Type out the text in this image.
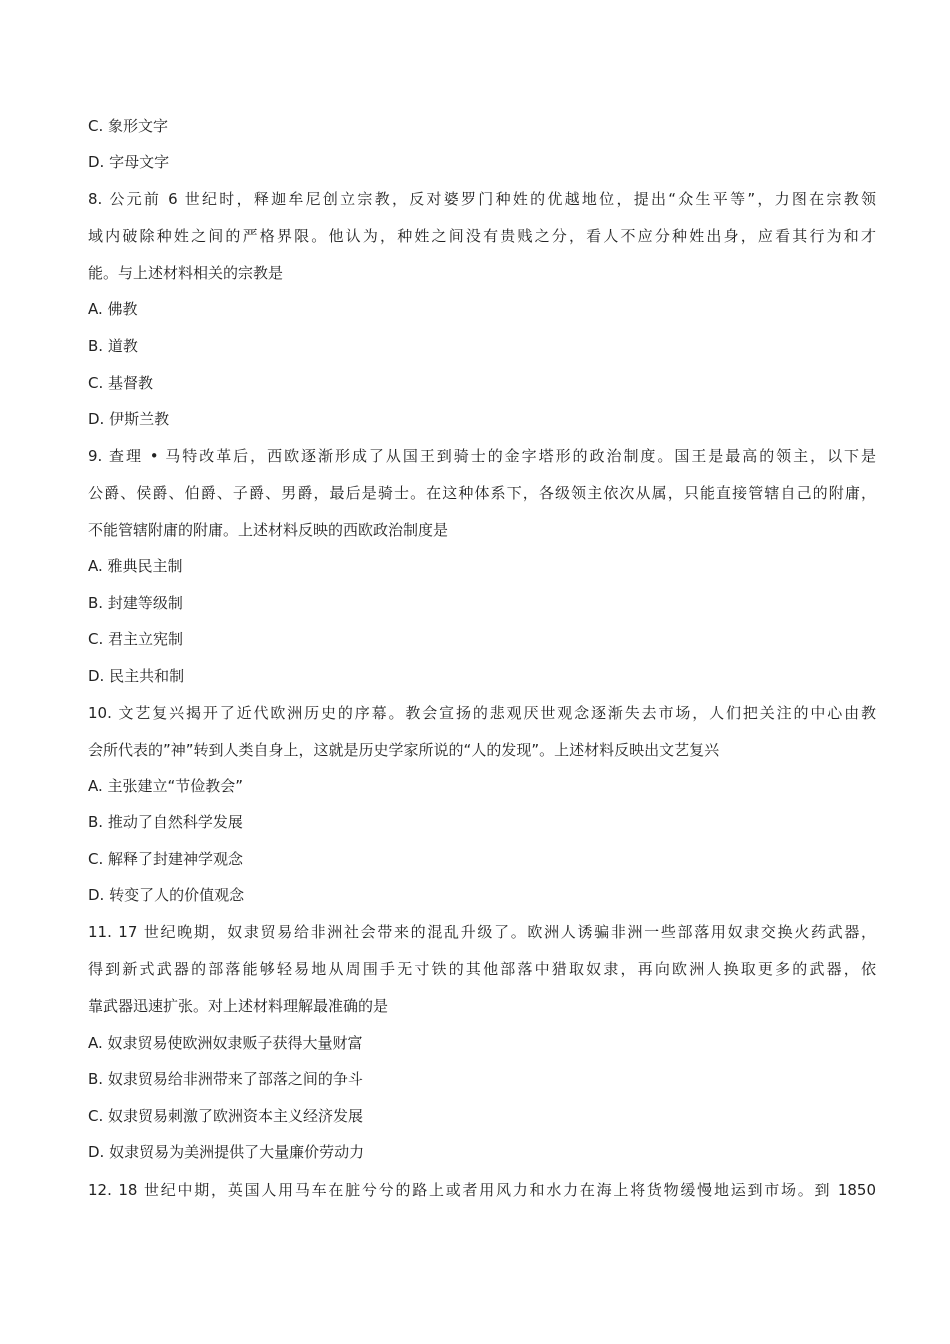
C. 象形文字
D. 字母文字
8. 公元前 6 世纪时，释迦牟尼创立宗教，反对婆罗门种姓的优越地位，提出“众生平等”，力图在宗教领
域内破除种姓之间的严格界限。他认为，种姓之间没有贵贱之分，看人不应分种姓出身，应看其行为和才
能。与上述材料相关的宗教是
A. 佛教
B. 道教
C. 基督教
D. 伊斯兰教
9. 查理 • 马特改革后，西欧逐渐形成了从国王到骑士的金字塔形的政治制度。国王是最高的领主，以下是
公爵、侯爵、伯爵、子爵、男爵，最后是骑士。在这种体系下，各级领主依次从属，只能直接管辖自己的附庸，
不能管辖附庸的附庸。上述材料反映的西欧政治制度是
A. 雅典民主制
B. 封建等级制
C. 君主立宪制
D. 民主共和制
10. 文艺复兴揭开了近代欧洲历史的序幕。教会宣扬的悲观厌世观念逐渐失去市场，人们把关注的中心由教
会所代表的”神”转到人类自身上，这就是历史学家所说的“人的发现”。上述材料反映出文艺复兴
A. 主张建立“节俭教会”
B. 推动了自然科学发展
C. 解释了封建神学观念
D. 转变了人的价值观念
11. 17 世纪晚期，奴隶贸易给非洲社会带来的混乱升级了。欧洲人诱骗非洲一些部落用奴隶交换火药武器，
得到新式武器的部落能够轻易地从周围手无寸铁的其他部落中猎取奴隶，再向欧洲人换取更多的武器，依
靠武器迅速扩张。对上述材料理解最准确的是
A. 奴隶贸易使欧洲奴隶贩子获得大量财富
B. 奴隶贸易给非洲带来了部落之间的争斗
C. 奴隶贸易刺激了欧洲资本主义经济发展
D. 奴隶贸易为美洲提供了大量廉价劳动力
12. 18 世纪中期，英国人用马车在脏兮兮的路上或者用风力和水力在海上将货物缓慢地运到市场。到 1850
